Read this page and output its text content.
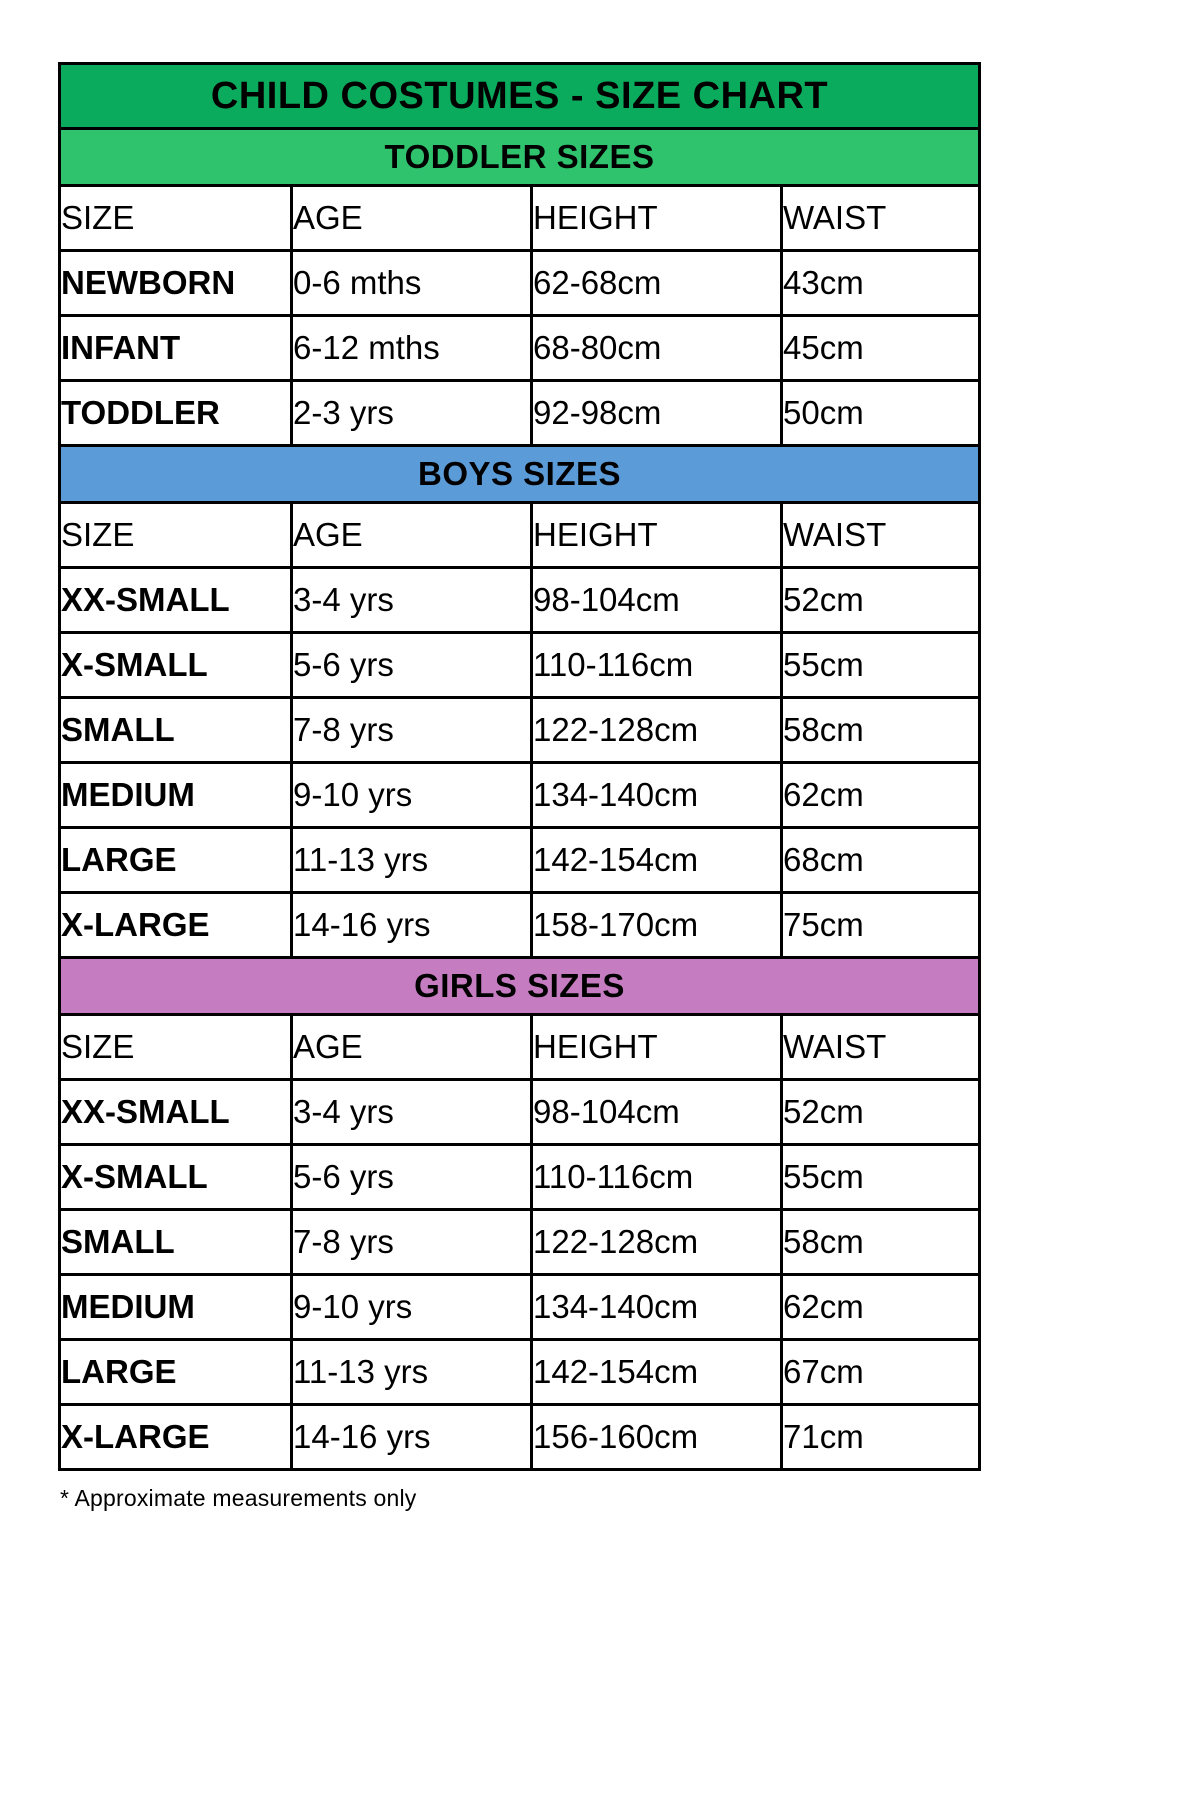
CHILD COSTUMES - SIZE CHART			
TODDLER SIZES			
SIZE	AGE	HEIGHT	WAIST
NEWBORN	0-6 mths	62-68cm	43cm
INFANT	6-12 mths	68-80cm	45cm
TODDLER	2-3 yrs	92-98cm	50cm
BOYS SIZES			
SIZE	AGE	HEIGHT	WAIST
XX-SMALL	3-4 yrs	98-104cm	52cm
X-SMALL	5-6 yrs	110-116cm	55cm
SMALL	7-8 yrs	122-128cm	58cm
MEDIUM	9-10 yrs	134-140cm	62cm
LARGE	11-13 yrs	142-154cm	68cm
X-LARGE	14-16 yrs	158-170cm	75cm
GIRLS SIZES			
SIZE	AGE	HEIGHT	WAIST
XX-SMALL	3-4 yrs	98-104cm	52cm
X-SMALL	5-6 yrs	110-116cm	55cm
SMALL	7-8 yrs	122-128cm	58cm
MEDIUM	9-10 yrs	134-140cm	62cm
LARGE	11-13 yrs	142-154cm	67cm
X-LARGE	14-16 yrs	156-160cm	71cm
* Approximate measurements only
